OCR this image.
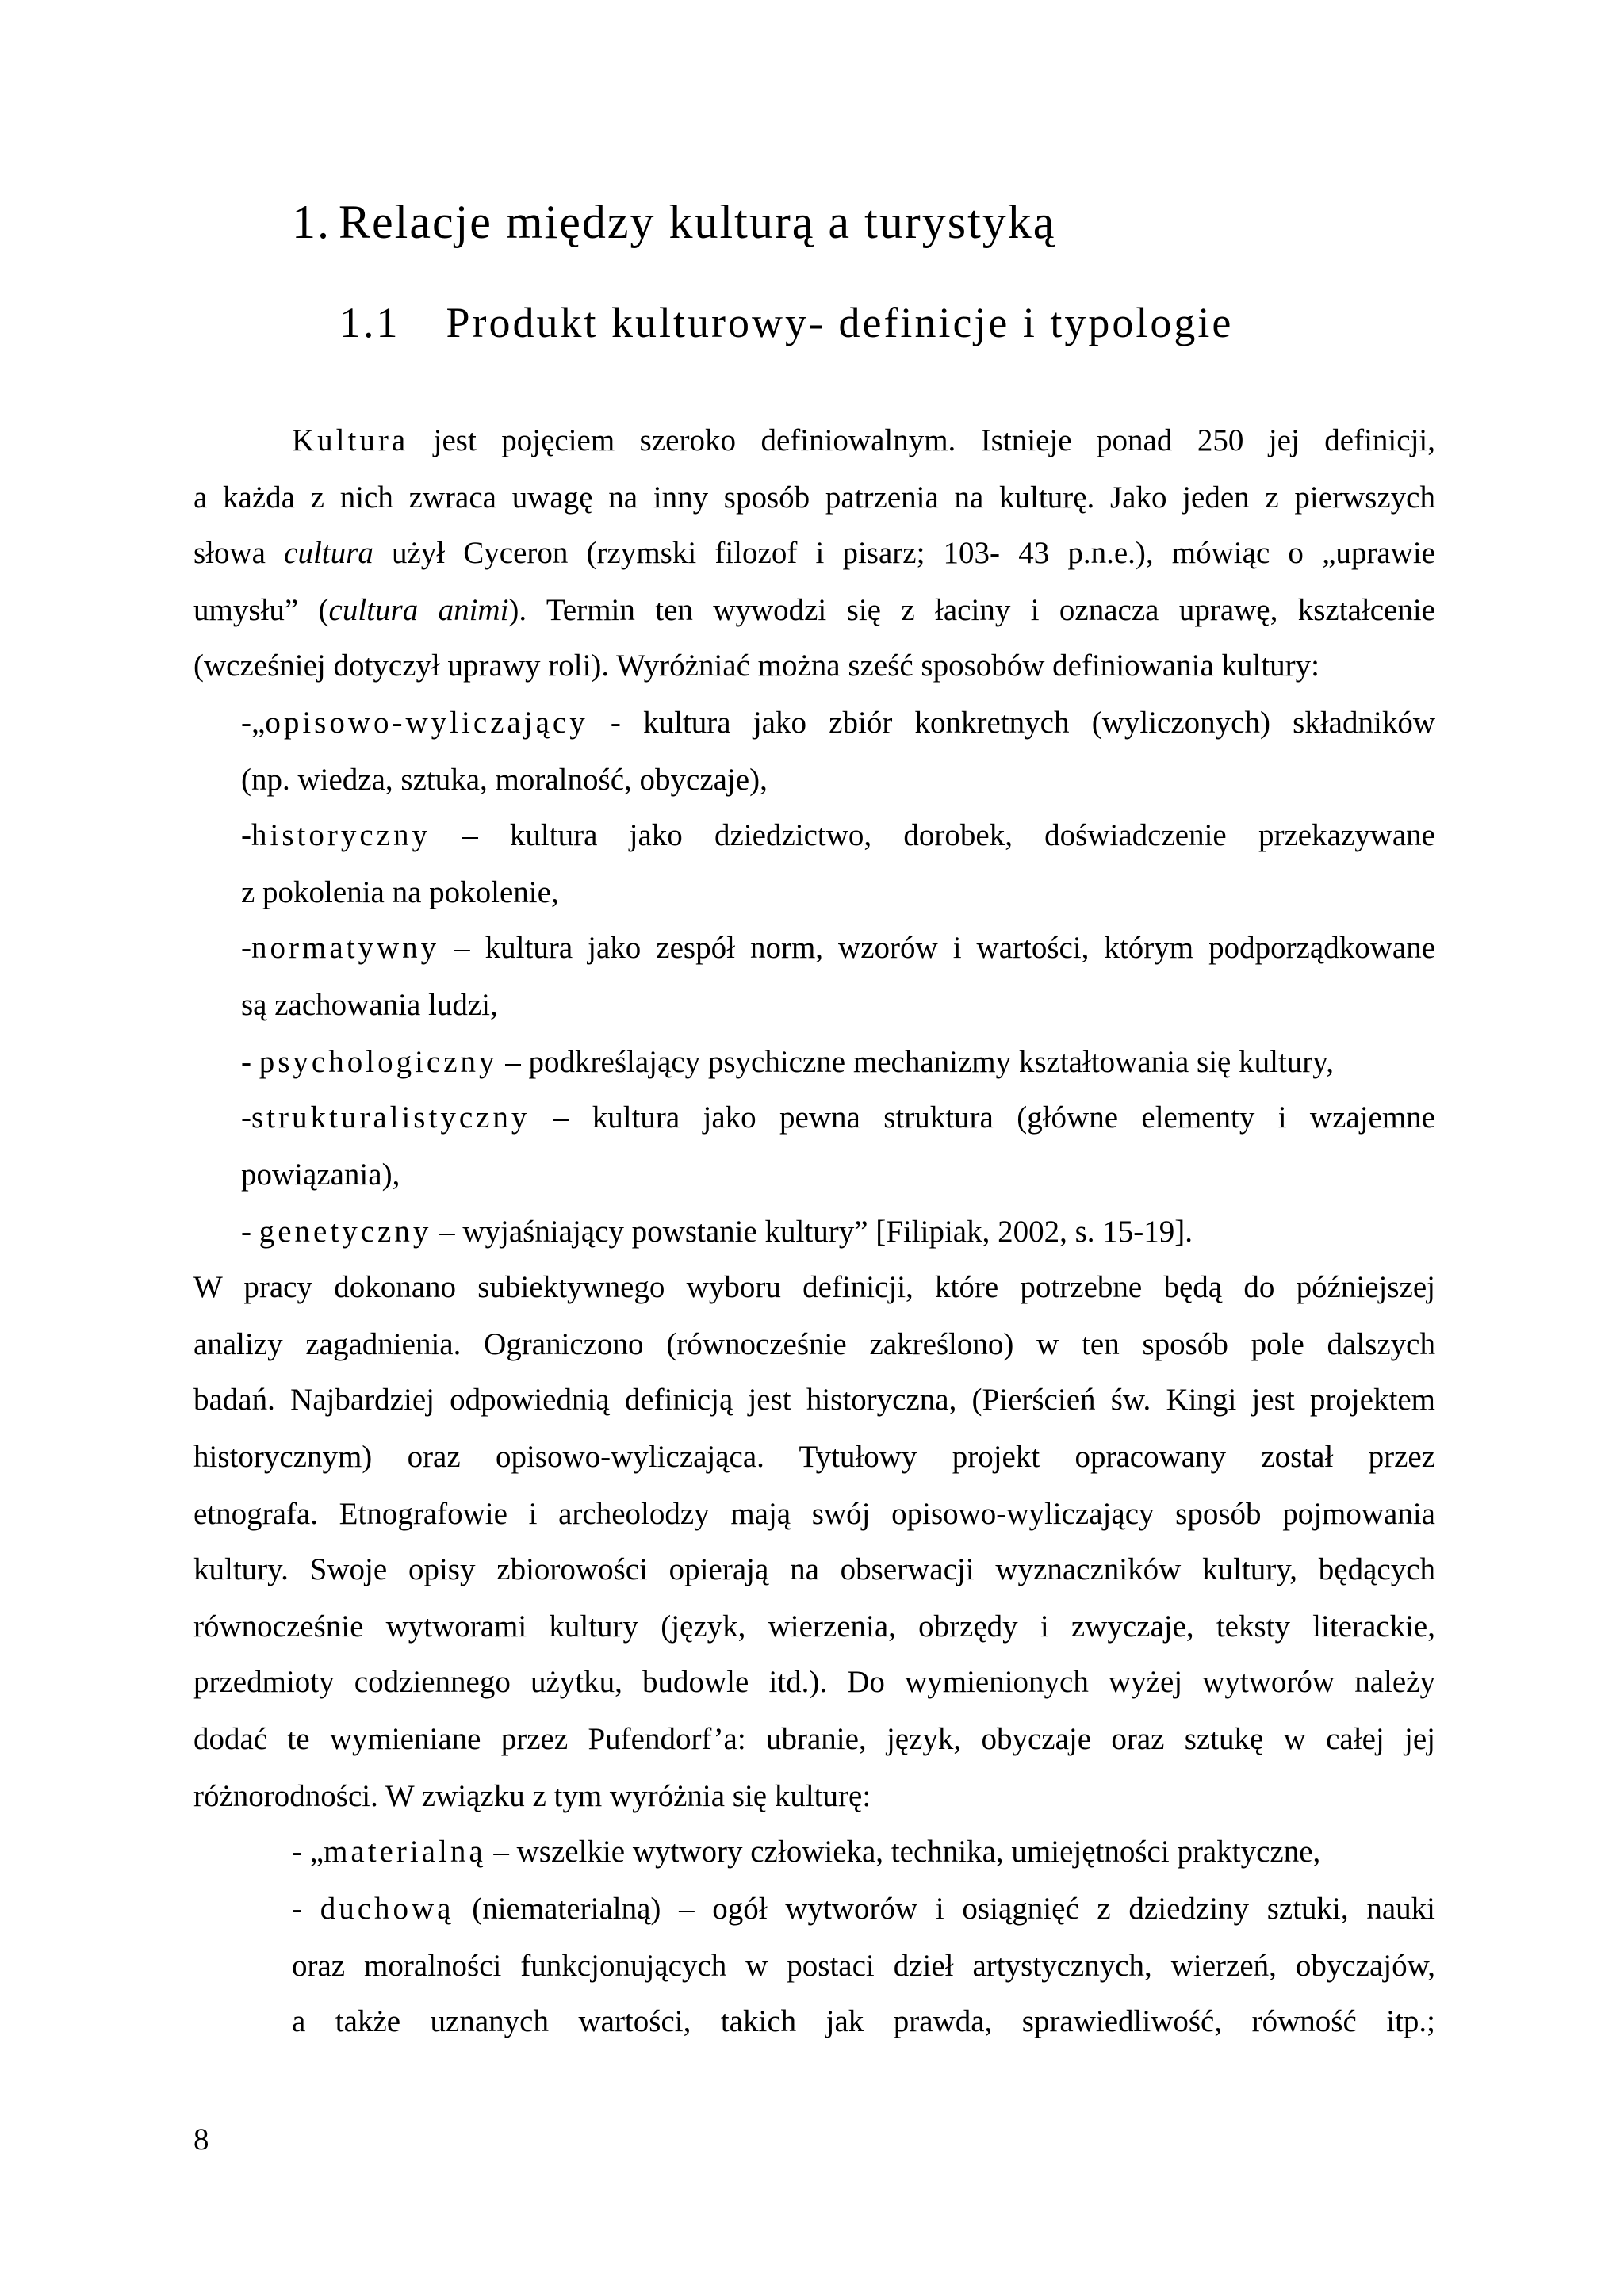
1. Relacje między kulturą a turystyką
1.1 Produkt kulturowy- definicje i typologie
Kultura jest pojęciem szeroko definiowalnym. Istnieje ponad 250 jej definicji,
a każda z nich zwraca uwagę na inny sposób patrzenia na kulturę. Jako jeden z pierwszych
słowa cultura użył Cyceron (rzymski filozof i pisarz; 103- 43 p.n.e.), mówiąc o „uprawie
umysłu” (cultura animi). Termin ten wywodzi się z łaciny i oznacza uprawę, kształcenie
(wcześniej dotyczył uprawy roli). Wyróżniać można sześć sposobów definiowania kultury:
-„opisowo-wyliczający - kultura jako zbiór konkretnych (wyliczonych) składników
(np. wiedza, sztuka, moralność, obyczaje),
-historyczny – kultura jako dziedzictwo, dorobek, doświadczenie przekazywane
z pokolenia na pokolenie,
-normatywny – kultura jako zespół norm, wzorów i wartości, którym podporządkowane
są zachowania ludzi,
- psychologiczny – podkreślający psychiczne mechanizmy kształtowania się kultury,
-strukturalistyczny – kultura jako pewna struktura (główne elementy i wzajemne
powiązania),
- genetyczny – wyjaśniający powstanie kultury” [Filipiak, 2002, s. 15-19].
W pracy dokonano subiektywnego wyboru definicji, które potrzebne będą do późniejszej
analizy zagadnienia. Ograniczono (równocześnie zakreślono) w ten sposób pole dalszych
badań. Najbardziej odpowiednią definicją jest historyczna, (Pierścień św. Kingi jest projektem
historycznym) oraz opisowo-wyliczająca. Tytułowy projekt opracowany został przez
etnografa. Etnografowie i archeolodzy mają swój opisowo-wyliczający sposób pojmowania
kultury. Swoje opisy zbiorowości opierają na obserwacji wyznaczników kultury, będących
równocześnie wytworami kultury (język, wierzenia, obrzędy i zwyczaje, teksty literackie,
przedmioty codziennego użytku, budowle itd.). Do wymienionych wyżej wytworów należy
dodać te wymieniane przez Pufendorf’a: ubranie, język, obyczaje oraz sztukę w całej jej
różnorodności. W związku z tym wyróżnia się kulturę:
- „materialną – wszelkie wytwory człowieka, technika, umiejętności praktyczne,
- duchową (niematerialną) – ogół wytworów i osiągnięć z dziedziny sztuki, nauki
oraz moralności funkcjonujących w postaci dzieł artystycznych, wierzeń, obyczajów,
a także uznanych wartości, takich jak prawda, sprawiedliwość, równość itp.;
8
